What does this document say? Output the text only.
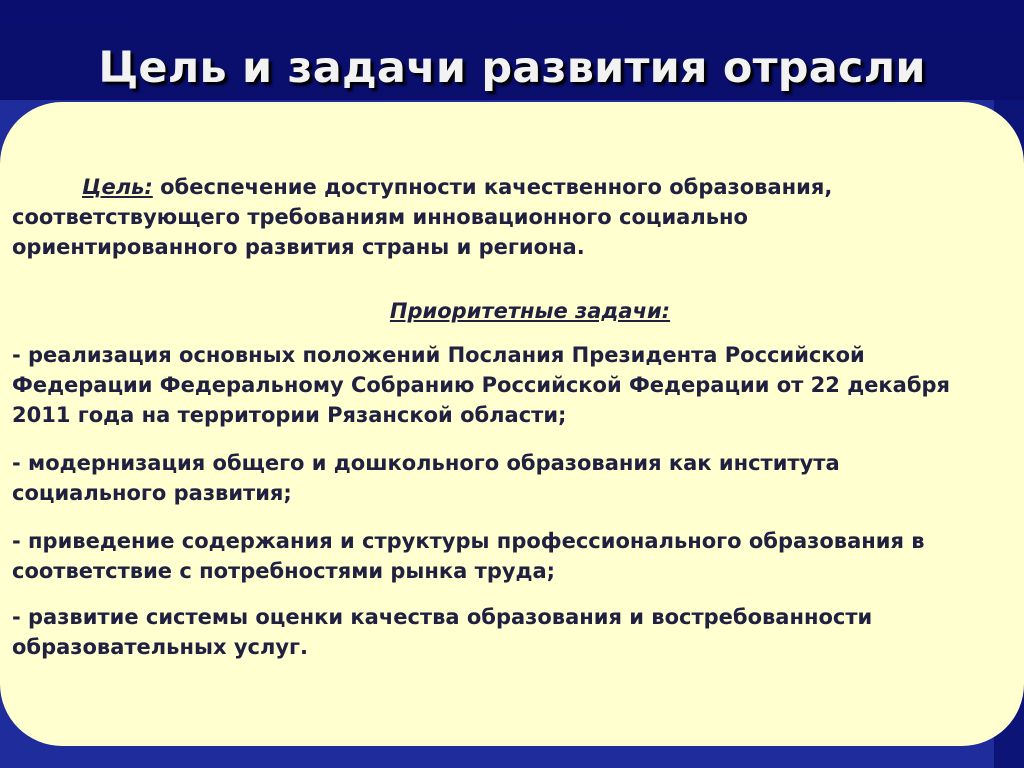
Цель и задачи развития отрасли
Цель: обеспечение доступности качественного образования,
соответствующего требованиям инновационного социально
ориентированного развития страны и региона.
Приоритетные задачи:
- реализация основных положений Послания Президента Российской
Федерации Федеральному Собранию Российской Федерации от 22 декабря
2011 года на территории Рязанской области;
- модернизация общего и дошкольного образования как института
социального развития;
- приведение содержания и структуры профессионального образования в
соответствие с потребностями рынка труда;
- развитие системы оценки качества образования и востребованности
образовательных услуг.
